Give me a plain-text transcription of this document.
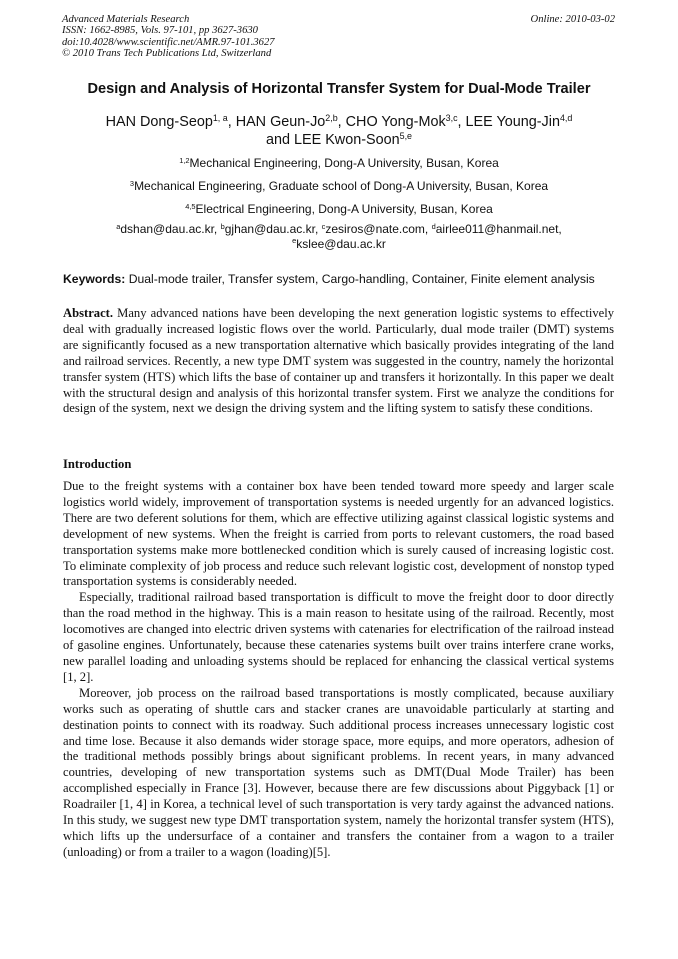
Advanced Materials Research
ISSN: 1662-8985, Vols. 97-101, pp 3627-3630
doi:10.4028/www.scientific.net/AMR.97-101.3627
© 2010 Trans Tech Publications Ltd, Switzerland
Online: 2010-03-02
Design and Analysis of Horizontal Transfer System for Dual-Mode Trailer
HAN Dong-Seop$^{1, a}$, HAN Geun-Jo$^{2,b}$, CHO Yong-Mok$^{3,c}$, LEE Young-Jin$^{4,d}$
and LEE Kwon-Soon$^{5,e}$
$^{1,2}$Mechanical Engineering, Dong-A University, Busan, Korea
$^3$Mechanical Engineering, Graduate school of Dong-A University, Busan, Korea
$^{4,5}$Electrical Engineering, Dong-A University, Busan, Korea
$^a$dshan@dau.ac.kr, $^b$gjhan@dau.ac.kr, $^c$zesiros@nate.com, $^d$airlee011@hanmail.net,
$^e$kslee@dau.ac.kr
Keywords: Dual-mode trailer, Transfer system, Cargo-handling, Container, Finite element analysis
Abstract. Many advanced nations have been developing the next generation logistic systems to effectively deal with gradually increased logistic flows over the world. Particularly, dual mode trailer (DMT) systems are significantly focused as a new transportation alternative which basically provides integrating of the land and railroad services. Recently, a new type DMT system was suggested in the country, namely the horizontal transfer system (HTS) which lifts the base of container up and transfers it horizontally. In this paper we dealt with the structural design and analysis of this horizontal transfer system. First we analyze the conditions for design of the system, next we design the driving system and the lifting system to satisfy these conditions.
Introduction

Due to the freight systems with a container box have been tended toward more speedy and larger scale logistics world widely, improvement of transportation systems is needed urgently for an advanced logistics. There are two deferent solutions for them, which are effective utilizing against classical logistic systems and development of new systems. When the freight is carried from ports to relevant customers, the road based transportation systems make more bottlenecked condition which is surely caused of increasing logistic cost. To eliminate complexity of job process and reduce such relevant logistic cost, development of nonstop typed transportation systems is considerably needed.

Especially, traditional railroad based transportation is difficult to move the freight door to door directly than the road method in the highway. This is a main reason to hesitate using of the railroad. Recently, most locomotives are changed into electric driven systems with catenaries for electrification of the railroad instead of gasoline engines. Unfortunately, because these catenaries systems built over trains interfere crane works, new parallel loading and unloading systems should be replaced for enhancing the classical vertical systems [1, 2].

Moreover, job process on the railroad based transportations is mostly complicated, because auxiliary works such as operating of shuttle cars and stacker cranes are unavoidable particularly at starting and destination points to connect with its roadway. Such additional process increases unnecessary logistic cost and time lose. Because it also demands wider storage space, more equips, and more operators, adhesion of the traditional methods possibly brings about significant problems. In recent years, in many advanced countries, developing of new transportation systems such as DMT(Dual Mode Trailer) has been accomplished especially in France [3]. However, because there are few discussions about Piggyback [1] or Roadrailer [1, 4] in Korea, a technical level of such transportation is very tardy against the advanced nations. In this study, we suggest new type DMT transportation system, namely the horizontal transfer system (HTS), which lifts up the undersurface of a container and transfers the container from a wagon to a trailer (unloading) or from a trailer to a wagon (loading)[5].
